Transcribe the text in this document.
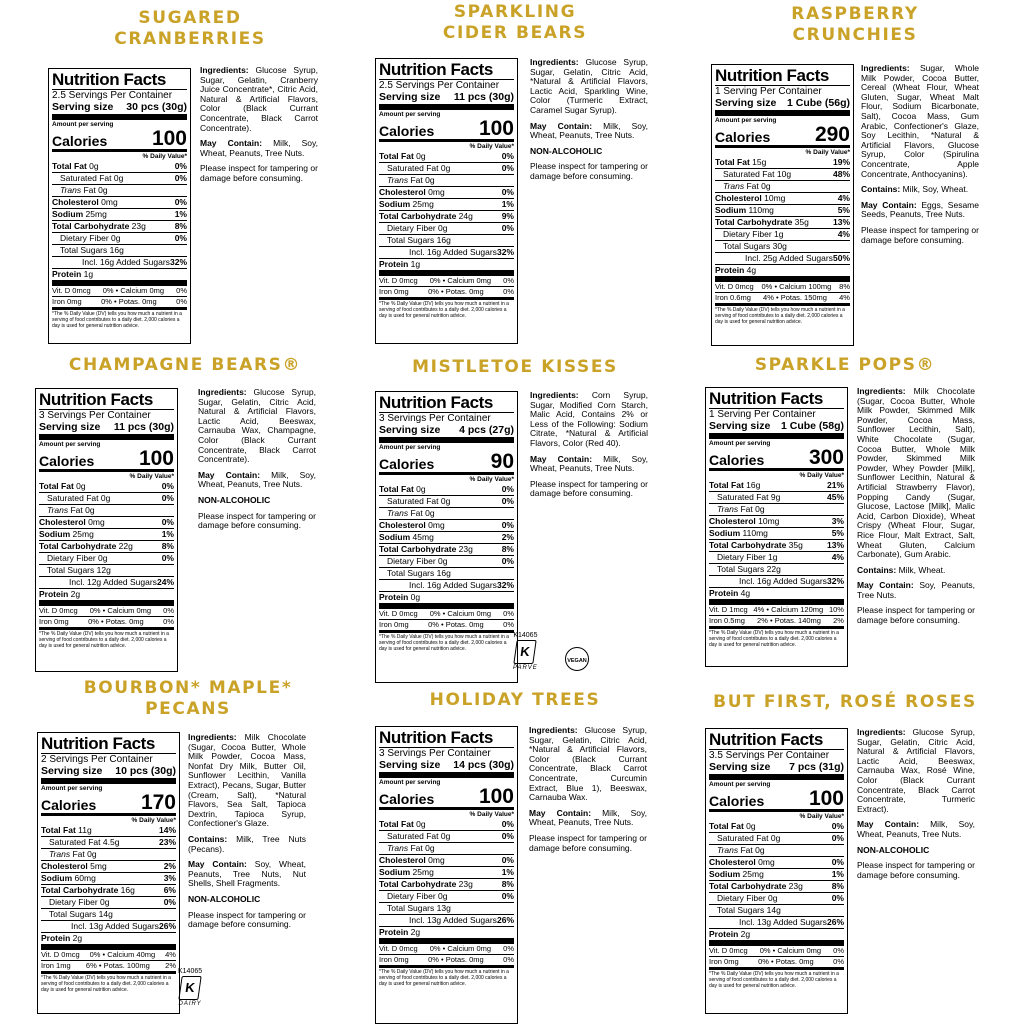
SUGARED
CRANBERRIES
Nutrition Facts
2.5 Servings Per Container
Serving size 30 pcs (30g)
Amount per serving
Calories 100
% Daily Value*
Total Fat 0g	0%
Saturated Fat 0g	0%
Trans Fat 0g
Cholesterol 0mg	0%
Sodium 25mg	1%
Total Carbohydrate 23g	8%
Dietary Fiber 0g	0%
Total Sugars 16g
Incl. 16g Added Sugars 32%
Protein 1g
Vit. D 0mcg 0% • Calcium 0mg 0%
Iron 0mg	0% • Potas. 0mg	0%
*The % Daily Value (DV) tells you how much a nutrient in a serving of food contributes to a daily diet. 2,000 calories a day is used for general nutrition advice.

Ingredients: Glucose Syrup, Sugar, Gelatin, Cranberry Juice Concentrate*, Citric Acid, Natural & Artificial Flavors, Color (Black Currant Concentrate, Black Carrot Concentrate).

May Contain: Milk, Soy, Wheat, Peanuts, Tree Nuts.

Please inspect for tampering or damage before consuming.

SPARKLING
CIDER BEARS
Nutrition Facts
2.5 Servings Per Container
Serving size 11 pcs (30g)
Amount per serving
Calories 100
% Daily Value*
Total Fat 0g	0%
Saturated Fat 0g	0%
Trans Fat 0g
Cholesterol 0mg	0%
Sodium 25mg	1%
Total Carbohydrate 24g	9%
Dietary Fiber 0g	0%
Total Sugars 16g
Incl. 16g Added Sugars 32%
Protein 1g
Vit. D 0mcg 0% • Calcium 0mg 0%
Iron 0mg	0% • Potas. 0mg	0%
*The % Daily Value (DV) tells you how much a nutrient in a serving of food contributes to a daily diet. 2,000 calories a day is used for general nutrition advice.

Ingredients: Glucose Syrup, Sugar, Gelatin, Citric Acid, *Natural & Artificial Flavors, Lactic Acid, Sparkling Wine, Color (Turmeric Extract, Caramel Sugar Syrup).

May Contain: Milk, Soy, Wheat, Peanuts, Tree Nuts.

NON-ALCOHOLIC

Please inspect for tampering or damage before consuming.

RASPBERRY
CRUNCHIES
Nutrition Facts
1 Serving Per Container
Serving size 1 Cube (56g)
Amount per serving
Calories 290
% Daily Value*
Total Fat 15g	19%
Saturated Fat 10g	48%
Trans Fat 0g
Cholesterol 10mg	4%
Sodium 110mg	5%
Total Carbohydrate 35g	13%
Dietary Fiber 1g	4%
Total Sugars 30g
Incl. 25g Added Sugars 50%
Protein 4g
Vit. D 0mcg 0% • Calcium 100mg 8%
Iron 0.6mg 4% • Potas. 150mg 4%
*The % Daily Value (DV) tells you how much a nutrient in a serving of food contributes to a daily diet. 2,000 calories a day is used for general nutrition advice.

Ingredients: Sugar, Whole Milk Powder, Cocoa Butter, Cereal (Wheat Flour, Wheat Gluten, Sugar, Wheat Malt Flour, Sodium Bicarbonate, Salt), Cocoa Mass, Gum Arabic, Confectioner's Glaze, Soy Lecithin, *Natural & Artificial Flavors, Glucose Syrup, Color (Spirulina Concentrate, Apple Concentrate, Anthocyanins).

Contains: Milk, Soy, Wheat.

May Contain: Eggs, Sesame Seeds, Peanuts, Tree Nuts.

Please inspect for tampering or damage before consuming.

CHAMPAGNE BEARS®
Nutrition Facts
3 Servings Per Container
Serving size 11 pcs (30g)
Amount per serving
Calories 100
% Daily Value*
Total Fat 0g	0%
Saturated Fat 0g	0%
Trans Fat 0g
Cholesterol 0mg	0%
Sodium 25mg	1%
Total Carbohydrate 22g	8%
Dietary Fiber 0g	0%
Total Sugars 12g
Incl. 12g Added Sugars 24%
Protein 2g
Vit. D 0mcg 0% • Calcium 0mg 0%
Iron 0mg	0% • Potas. 0mg	0%
*The % Daily Value (DV) tells you how much a nutrient in a serving of food contributes to a daily diet. 2,000 calories a day is used for general nutrition advice.

Ingredients: Glucose Syrup, Sugar, Gelatin, Citric Acid, Natural & Artificial Flavors, Lactic Acid, Beeswax, Carnauba Wax, Champagne, Color (Black Currant Concentrate, Black Carrot Concentrate).

May Contain: Milk, Soy, Wheat, Peanuts, Tree Nuts.

NON-ALCOHOLIC

Please inspect for tampering or damage before consuming.

MISTLETOE KISSES
Nutrition Facts
3 Servings Per Container
Serving size 4 pcs (27g)
Amount per serving
Calories	90
% Daily Value*
Total Fat 0g	0%
Saturated Fat 0g	0%
Trans Fat 0g
Cholesterol 0mg	0%
Sodium 45mg	2%
Total Carbohydrate 23g	8%
Dietary Fiber 0g	0%
Total Sugars 16g
Incl. 16g Added Sugars 32%
Protein 0g
Vit. D 0mcg 0% • Calcium 0mg 0%
Iron 0mg	0% • Potas. 0mg	0%
*The % Daily Value (DV) tells you how much a nutrient in a serving of food contributes to a daily diet. 2,000 calories a day is used for general nutrition advice.

Ingredients: Corn Syrup, Sugar, Modified Corn Starch, Malic Acid, Contains 2% or Less of the Following: Sodium Citrate, *Natural & Artificial Flavors, Color (Red 40).

May Contain: Milk, Soy, Wheat, Peanuts, Tree Nuts.

Please inspect for tampering or damage before consuming.

K14065
K
PARVE
VEGAN
SPARKLE POPS®
Nutrition Facts
1 Serving Per Container
Serving size 1 Cube (58g)
Amount per serving
Calories 300
% Daily Value*
Total Fat 16g	21%
Saturated Fat 9g	45%
Trans Fat 0g
Cholesterol 10mg	3%
Sodium 110mg	5%
Total Carbohydrate 35g	13%
Dietary Fiber 1g	4%
Total Sugars 22g
Incl. 16g Added Sugars 32%
Protein 4g
Vit. D 1mcg 4% • Calcium 120mg 10%
Iron 0.5mg 2% • Potas. 140mg 2%
*The % Daily Value (DV) tells you how much a nutrient in a serving of food contributes to a daily diet. 2,000 calories a day is used for general nutrition advice.

Ingredients: Milk Chocolate (Sugar, Cocoa Butter, Whole Milk Powder, Skimmed Milk Powder, Cocoa Mass, Sunflower Lecithin, Salt), White Chocolate (Sugar, Cocoa Butter, Whole Milk Powder, Skimmed Milk Powder, Whey Powder [Milk], Sunflower Lecithin, Natural & Artificial Strawberry Flavor), Popping Candy (Sugar, Glucose, Lactose [Milk], Malic Acid, Carbon Dioxide), Wheat Crispy (Wheat Flour, Sugar, Rice Flour, Malt Extract, Salt, Wheat Gluten, Calcium Carbonate), Gum Arabic.

Contains: Milk, Wheat.

May Contain: Soy, Peanuts, Tree Nuts.

Please inspect for tampering or damage before consuming.

BOURBON* MAPLE*
PECANS
Nutrition Facts
2 Servings Per Container
Serving size 10 pcs (30g)
Amount per serving
Calories 170
% Daily Value*
Total Fat 11g	14%
Saturated Fat 4.5g	23%
Trans Fat 0g
Cholesterol 5mg	2%
Sodium 60mg	3%
Total Carbohydrate 16g	6%
Dietary Fiber 0g	0%
Total Sugars 14g
Incl. 13g Added Sugars 26%
Protein 2g
Vit. D 0mcg 0% • Calcium 40mg 4%
Iron 1mg 6% • Potas. 100mg 2%
*The % Daily Value (DV) tells you how much a nutrient in a serving of food contributes to a daily diet. 2,000 calories a day is used for general nutrition advice.

Ingredients: Milk Chocolate (Sugar, Cocoa Butter, Whole Milk Powder, Cocoa Mass, Nonfat Dry Milk, Butter Oil, Sunflower Lecithin, Vanilla Extract), Pecans, Sugar, Butter (Cream, Salt), *Natural Flavors, Sea Salt, Tapioca Dextrin, Tapioca Syrup, Confectioner's Glaze.

Contains: Milk, Tree Nuts (Pecans).

May Contain: Soy, Wheat, Peanuts, Tree Nuts, Nut Shells, Shell Fragments.

NON-ALCOHOLIC

Please inspect for tampering or damage before consuming.

K14065
K
DAIRY
HOLIDAY TREES
Nutrition Facts
3 Servings Per Container
Serving size 14 pcs (30g)
Amount per serving
Calories 100
% Daily Value*
Total Fat 0g	0%
Saturated Fat 0g	0%
Trans Fat 0g
Cholesterol 0mg	0%
Sodium 25mg	1%
Total Carbohydrate 23g	8%
Dietary Fiber 0g	0%
Total Sugars 13g
Incl. 13g Added Sugars 26%
Protein 2g
Vit. D 0mcg 0% • Calcium 0mg 0%
Iron 0mg	0% • Potas. 0mg	0%
*The % Daily Value (DV) tells you how much a nutrient in a serving of food contributes to a daily diet. 2,000 calories a day is used for general nutrition advice.

Ingredients: Glucose Syrup, Sugar, Gelatin, Citric Acid, *Natural & Artificial Flavors, Color (Black Currant Concentrate, Black Carrot Concentrate, Curcumin Extract, Blue 1), Beeswax, Carnauba Wax.

May Contain: Milk, Soy, Wheat, Peanuts, Tree Nuts.

Please inspect for tampering or damage before consuming.

BUT FIRST, ROSÉ ROSES
Nutrition Facts
3.5 Servings Per Container
Serving size 7 pcs (31g)
Amount per serving
Calories 100
% Daily Value*
Total Fat 0g	0%
Saturated Fat 0g	0%
Trans Fat 0g
Cholesterol 0mg	0%
Sodium 25mg	1%
Total Carbohydrate 23g	8%
Dietary Fiber 0g	0%
Total Sugars 14g
Incl. 13g Added Sugars 26%
Protein 2g
Vit. D 0mcg 0% • Calcium 0mg 0%
Iron 0mg	0% • Potas. 0mg	0%
*The % Daily Value (DV) tells you how much a nutrient in a serving of food contributes to a daily diet. 2,000 calories a day is used for general nutrition advice.

Ingredients: Glucose Syrup, Sugar, Gelatin, Citric Acid, Natural & Artificial Flavors, Lactic Acid, Beeswax, Carnauba Wax, Rosé Wine, Color (Black Currant Concentrate, Black Carrot Concentrate, Turmeric Extract).

May Contain: Milk, Soy, Wheat, Peanuts, Tree Nuts.

NON-ALCOHOLIC

Please inspect for tampering or damage before consuming.
